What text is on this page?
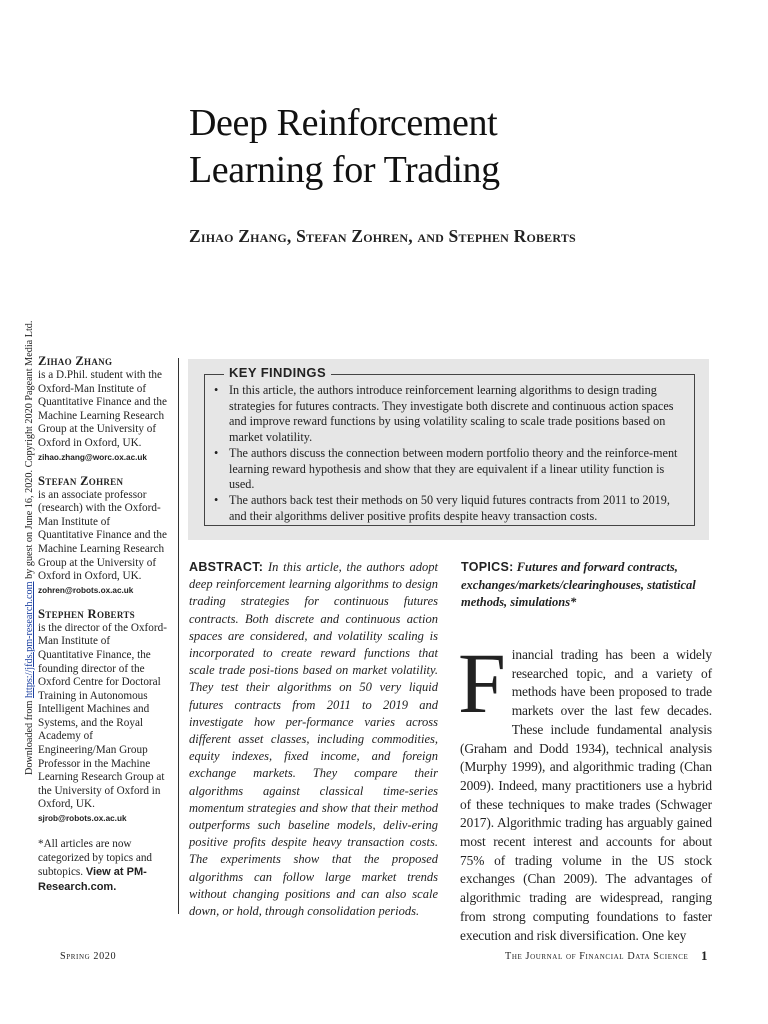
Downloaded from https://jfds.pm-research.com by guest on June 16, 2020. Copyright 2020 Pageant Media Ltd.
Deep Reinforcement
Learning for Trading
Zihao Zhang, Stefan Zohren, and Stephen Roberts
Zihao Zhang
is a D.Phil. student with the Oxford-Man Institute of Quantitative Finance and the Machine Learning Research Group at the University of Oxford in Oxford, UK.
zihao.zhang@worc.ox.ac.uk
Stefan Zohren
is an associate professor (research) with the Oxford-Man Institute of Quantitative Finance and the Machine Learning Research Group at the University of Oxford in Oxford, UK.
zohren@robots.ox.ac.uk
Stephen Roberts
is the director of the Oxford-Man Institute of Quantitative Finance, the founding director of the Oxford Centre for Doctoral Training in Autonomous Intelligent Machines and Systems, and the Royal Academy of Engineering/Man Group Professor in the Machine Learning Research Group at the University of Oxford in Oxford, UK.
sjrob@robots.ox.ac.uk
*All articles are now categorized by topics and subtopics. View at PM-Research.com.
KEY FINDINGS
• In this article, the authors introduce reinforcement learning algorithms to design trading strategies for futures contracts. They investigate both discrete and continuous action spaces and improve reward functions by using volatility scaling to scale trade positions based on market volatility.
• The authors discuss the connection between modern portfolio theory and the reinforce-ment learning reward hypothesis and show that they are equivalent if a linear utility function is used.
• The authors back test their methods on 50 very liquid futures contracts from 2011 to 2019, and their algorithms deliver positive profits despite heavy transaction costs.
ABSTRACT: In this article, the authors adopt deep reinforcement learning algorithms to design trading strategies for continuous futures contracts. Both discrete and continuous action spaces are considered, and volatility scaling is incorporated to create reward functions that scale trade posi-tions based on market volatility. They test their algorithms on 50 very liquid futures contracts from 2011 to 2019 and investigate how per-formance varies across different asset classes, including commodities, equity indexes, fixed income, and foreign exchange markets. They compare their algorithms against classical time-series momentum strategies and show that their method outperforms such baseline models, deliv-ering positive profits despite heavy transaction costs. The experiments show that the proposed algorithms can follow large market trends without changing positions and can also scale down, or hold, through consolidation periods.
TOPICS: Futures and forward contracts, exchanges/markets/clearinghouses, statistical methods, simulations*

Financial trading has been a widely researched topic, and a variety of methods have been proposed to trade markets over the last few decades. These include fundamental analysis (Graham and Dodd 1934), technical analysis (Murphy 1999), and algorithmic trading (Chan 2009). Indeed, many practitioners use a hybrid of these techniques to make trades (Schwager 2017). Algorithmic trading has arguably gained most recent interest and accounts for about 75% of trading volume in the US stock exchanges (Chan 2009). The advantages of algorithmic trading are widespread, ranging from strong computing foundations to faster execution and risk diversification. One key

Spring 2020	The Journal of Financial Data Science 1
